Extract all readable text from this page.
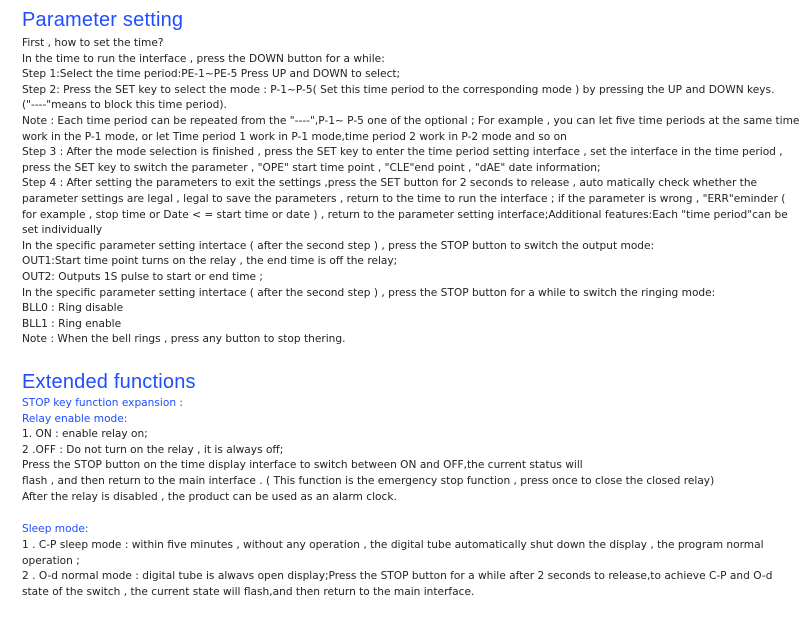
Parameter setting
First , how to set the time?
In the time to run the interface , press the DOWN button for a while:
Step 1:Select the time period:PE-1~PE-5 Press UP and DOWN to select;
Step 2: Press the SET key to select the mode : P-1~P-5( Set this time period to the corresponding mode ) by pressing the UP and DOWN keys.
("----"means to block this time period).
Note : Each time period can be repeated from the "----",P-1~ P-5 one of the optional ; For example , you can let five time periods at the same time
work in the P-1 mode, or let Time period 1 work in P-1 mode,time period 2 work in P-2 mode and so on
Step 3 : After the mode selection is finished , press the SET key to enter the time period setting interface , set the interface in the time period ,
press the SET key to switch the parameter , "OPE" start time point , "CLE"end point , "dAE" date information;
Step 4 : After setting the parameters to exit the settings ,press the SET button for 2 seconds to release , auto matically check whether the
parameter settings are legal , legal to save the parameters , return to the time to run the interface ; if the parameter is wrong , "ERR"eminder (
for example , stop time or Date < = start time or date ) , return to the parameter setting interface;Additional features:Each "time period"can be
set individually
In the specific parameter setting intertace ( after the second step ) , press the STOP button to switch the output mode:
OUT1:Start time point turns on the relay , the end time is off the relay;
OUT2: Outputs 1S pulse to start or end time ;
In the specific parameter setting intertace ( after the second step ) , press the STOP button for a while to switch the ringing mode:
BLL0 : Ring disable
BLL1 : Ring enable
Note : When the bell rings , press any button to stop thering.
Extended functions
STOP key function expansion :
Relay enable mode:
1. ON : enable relay on;
2 .OFF : Do not turn on the relay , it is always off;
Press the STOP button on the time display interface to switch between ON and OFF,the current status will
flash , and then return to the main interface . ( This function is the emergency stop function , press once to close the closed relay)
After the relay is disabled , the product can be used as an alarm clock.
Sleep mode:
1 . C-P sleep mode : within five minutes , without any operation , the digital tube automatically shut down the display , the program normal
operation ;
2 . O-d normal mode : digital tube is alwavs open display;Press the STOP button for a while after 2 seconds to release,to achieve C-P and O-d
state of the switch , the current state will flash,and then return to the main interface.
